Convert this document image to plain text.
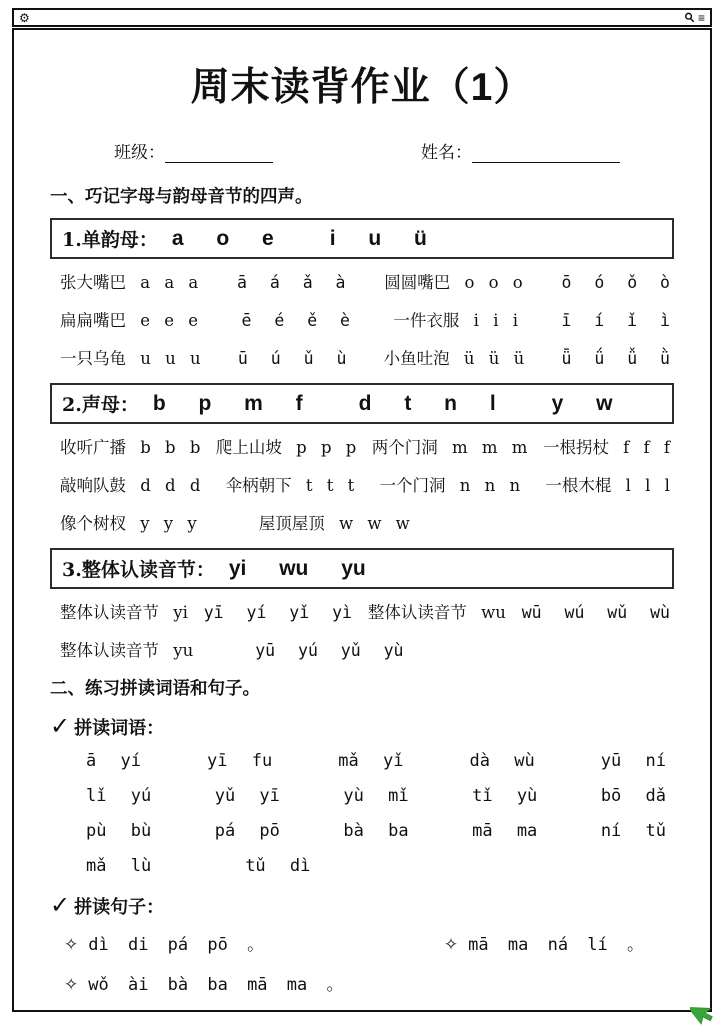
⚙	≡
周末读背作业（1）
班级：	姓名：
一、巧记字母与韵母音节的四声。
1.单韵母： a o e	i u ü
张大嘴巴 a a a ā á ǎ à 圆圆嘴巴 o o o ō ó ǒ ò
扁扁嘴巴 e e e	ē é ě è	一件衣服 i i i	ī í ǐ ì
一只乌龟 u u u ū ú ǔ ù 小鱼吐泡 ü ü ü ǖ ǘ ǚ ǜ
2.声母： b p m f	d t n l	y w
收听广播 b b b 爬上山坡 p p p 两个门洞 m m m 一根拐杖 f f f
敲响队鼓 d d d 伞柄朝下 t t t 一个门洞 n n n 一根木棍 l l l
像个树杈 y y y	屋顶屋顶 w w w
3.整体认读音节： yi wu yu
整体认读音节 yi yī yí yǐ yì 整体认读音节 wu wū wú wǔ wù
整体认读音节 yu	yū yú yǔ yù
二、练习拼读词语和句子。
✓ 拼读词语：
ā yí	yī fu	mǎ yǐ	dà wù	yū ní
lǐ yú	yǔ yī	yù mǐ	tǐ yù	bō dǎ
pù bù	pá pō	bà ba	mā ma	ní tǔ
mǎ lù	tǔ dì
✓ 拼读句子：
✧ dì di pá pō 。	✧ mā ma ná lí 。
✧ wǒ ài bà ba mā ma 。
